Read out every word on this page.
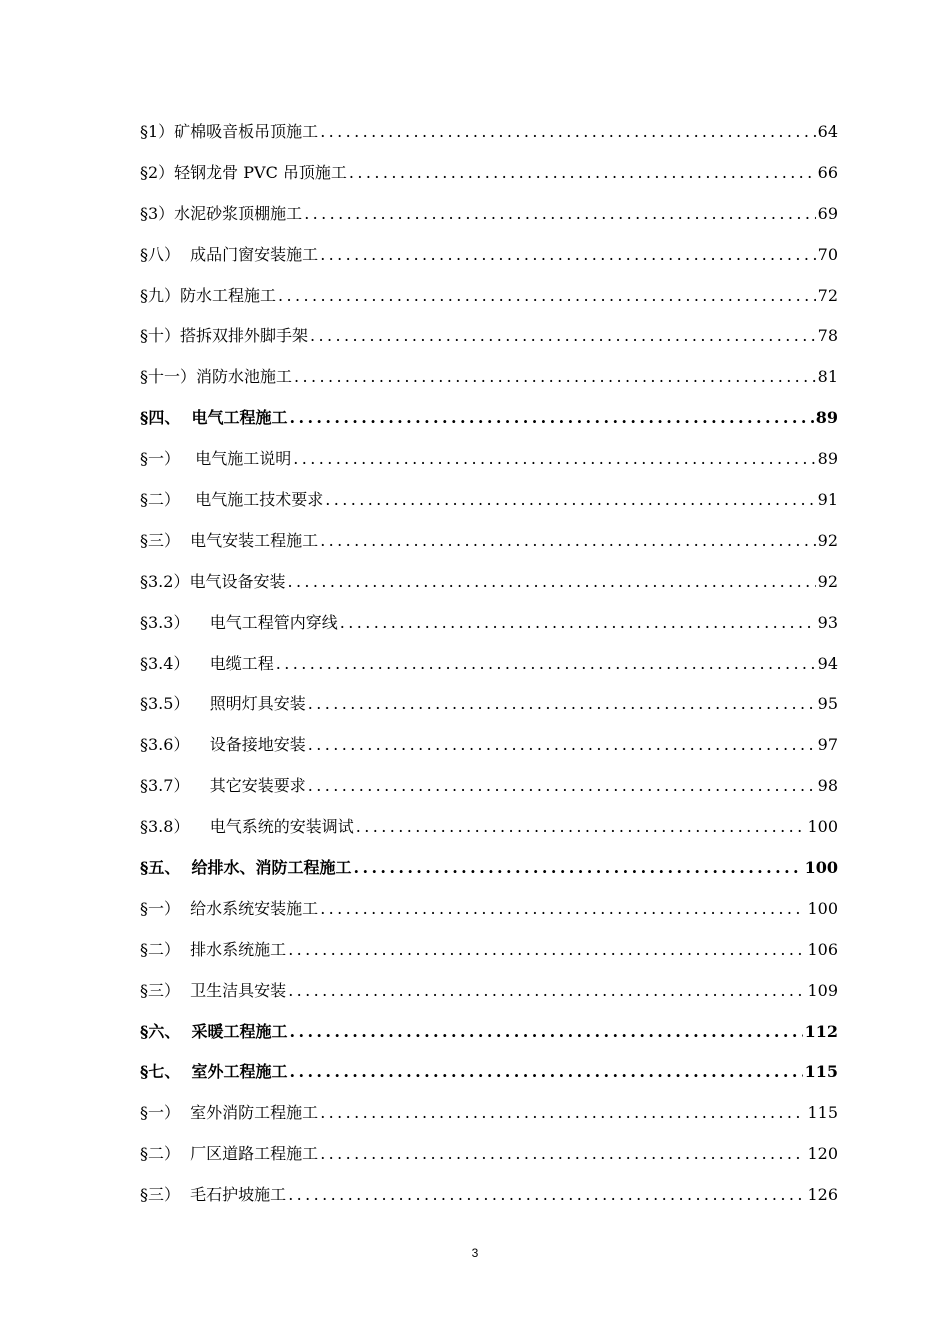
§1）矿棉吸音板吊顶施工 .....	64
§2）轻钢龙骨 PVC 吊顶施工 .....	66
§3）水泥砂浆顶棚施工 .....	69
§八）  成品门窗安装施工 .....	70
§九）防水工程施工 .....	72
§十）搭拆双排外脚手架 .....	78
§十一）消防水池施工 .....	81
§四、  电气工程施工 .....	89
§一）   电气施工说明 .....	89
§二）   电气施工技术要求 .....	91
§三）  电气安装工程施工 .....	92
§3.2）电气设备安装 .....	92
§3.3）    电气工程管内穿线 .....	93
§3.4）    电缆工程 .....	94
§3.5）    照明灯具安装 .....	95
§3.6）    设备接地安装 .....	97
§3.7）    其它安装要求 .....	98
§3.8）    电气系统的安装调试 .....	100
§五、  给排水、消防工程施工 .....	100
§一）  给水系统安装施工 .....	100
§二）  排水系统施工 .....	106
§三）  卫生洁具安装 .....	109
§六、  采暖工程施工 .....	112
§七、  室外工程施工 .....	115
§一）  室外消防工程施工 .....	115
§二）  厂区道路工程施工 .....	120
§三）  毛石护坡施工 .....	126
3
